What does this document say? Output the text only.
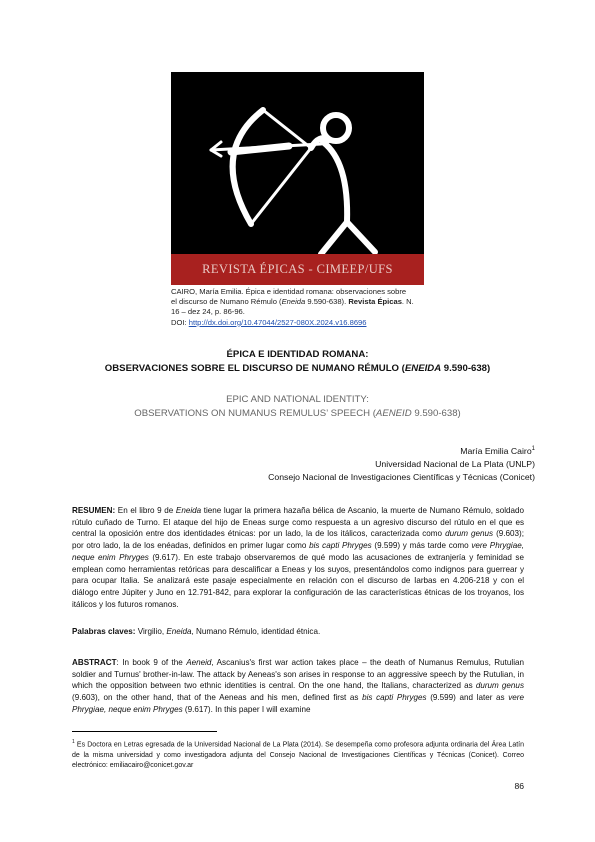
REVISTA ÉPICAS - CIMEEP/UFS
CAIRO, María Emilia. Épica e identidad romana: observaciones sobre
el discurso de Numano Rémulo (Eneida 9.590-638). Revista Épicas. N.
16 – dez 24, p. 86-96.
DOI: http://dx.doi.org/10.47044/2527-080X.2024.v16.8696
ÉPICA E IDENTIDAD ROMANA:
OBSERVACIONES SOBRE EL DISCURSO DE NUMANO RÉMULO (ENEIDA 9.590-638)
EPIC AND NATIONAL IDENTITY:
OBSERVATIONS ON NUMANUS REMULUS’ SPEECH (AENEID 9.590-638)
María Emilia Cairo$^1$
Universidad Nacional de La Plata (UNLP)
Consejo Nacional de Investigaciones Científicas y Técnicas (Conicet)
RESUMEN: En el libro 9 de Eneida tiene lugar la primera hazaña bélica de Ascanio, la muerte de Numano Rémulo, soldado rútulo cuñado de Turno. El ataque del hijo de Eneas surge como respuesta a un agresivo discurso del rútulo en el que es central la oposición entre dos identidades étnicas: por un lado, la de los itálicos, caracterizada como durum genus (9.603); por otro lado, la de los enéadas, definidos en primer lugar como bis capti Phryges (9.599) y más tarde como vere Phrygiae, neque enim Phryges (9.617). En este trabajo observaremos de qué modo las acusaciones de extranjería y feminidad se emplean como herramientas retóricas para descalificar a Eneas y los suyos, presentándolos como indignos para guerrear y para ocupar Italia. Se analizará este pasaje especialmente en relación con el discurso de Iarbas en 4.206-218 y con el diálogo entre Júpiter y Juno en 12.791-842, para explorar la configuración de las características étnicas de los troyanos, los itálicos y los futuros romanos.
Palabras claves: Virgilio, Eneida, Numano Rémulo, identidad étnica.
ABSTRACT: In book 9 of the Aeneid, Ascanius's first war action takes place – the death of Numanus Remulus, Rutulian soldier and Turnus' brother-in-law. The attack by Aeneas's son arises in response to an aggressive speech by the Rutulian, in which the opposition between two ethnic identities is central. On the one hand, the Italians, characterized as durum genus (9.603), on the other hand, that of the Aeneas and his men, defined first as bis capti Phryges (9.599) and later as vere Phrygiae, neque enim Phryges (9.617). In this paper I will examine
$^1$ Es Doctora en Letras egresada de la Universidad Nacional de La Plata (2014). Se desempeña como profesora adjunta ordinaria del Área Latín de la misma universidad y como investigadora adjunta del Consejo Nacional de Investigaciones Científicas y Técnicas (Conicet). Correo electrónico: emiliacairo@conicet.gov.ar
86
